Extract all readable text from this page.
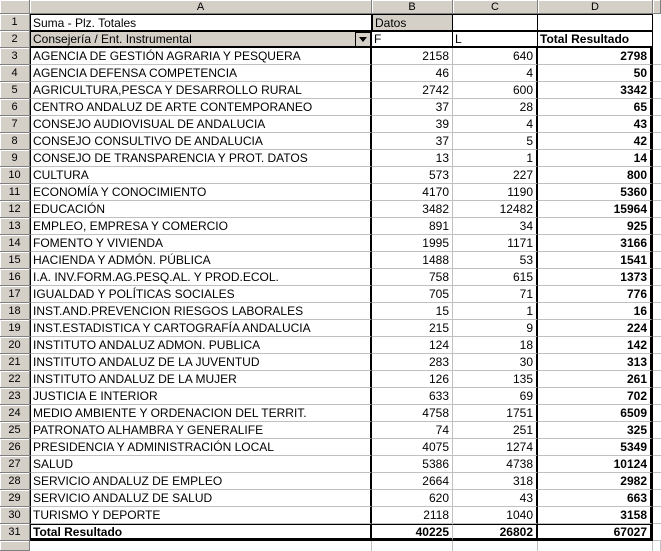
A	B	C	D
1	Suma - Plz. Totales	Datos
2	Consejería / Ent. Instrumental	F	L	Total Resultado
3	AGENCIA DE GESTIÓN AGRARIA Y PESQUERA	2158	640	2798
4	AGENCIA DEFENSA COMPETENCIA	46	4	50
5	AGRICULTURA,PESCA Y DESARROLLO RURAL	2742	600	3342
6	CENTRO ANDALUZ DE ARTE CONTEMPORANEO	37	28	65
7	CONSEJO AUDIOVISUAL DE ANDALUCIA	39	4	43
8	CONSEJO CONSULTIVO DE ANDALUCIA	37	5	42
9	CONSEJO DE TRANSPARENCIA Y PROT. DATOS	13	1	14
10	CULTURA	573	227	800
11	ECONOMÍA Y CONOCIMIENTO	4170	1190	5360
12	EDUCACIÓN	3482	12482	15964
13	EMPLEO, EMPRESA Y COMERCIO	891	34	925
14	FOMENTO Y VIVIENDA	1995	1171	3166
15	HACIENDA Y ADMÓN. PÚBLICA	1488	53	1541
16	I.A. INV.FORM.AG.PESQ.AL. Y PROD.ECOL.	758	615	1373
17	IGUALDAD Y POLÍTICAS SOCIALES	705	71	776
18	INST.AND.PREVENCION RIESGOS LABORALES	15	1	16
19	INST.ESTADISTICA Y CARTOGRAFÍA ANDALUCIA	215	9	224
20	INSTITUTO ANDALUZ ADMON. PUBLICA	124	18	142
21	INSTITUTO ANDALUZ DE LA JUVENTUD	283	30	313
22	INSTITUTO ANDALUZ DE LA MUJER	126	135	261
23	JUSTICIA E INTERIOR	633	69	702
24	MEDIO AMBIENTE Y ORDENACION DEL TERRIT.	4758	1751	6509
25	PATRONATO ALHAMBRA Y GENERALIFE	74	251	325
26	PRESIDENCIA Y ADMINISTRACIÓN LOCAL	4075	1274	5349
27	SALUD	5386	4738	10124
28	SERVICIO ANDALUZ DE EMPLEO	2664	318	2982
29	SERVICIO ANDALUZ DE SALUD	620	43	663
30	TURISMO Y DEPORTE	2118	1040	3158
31	Total Resultado	40225	26802	67027
